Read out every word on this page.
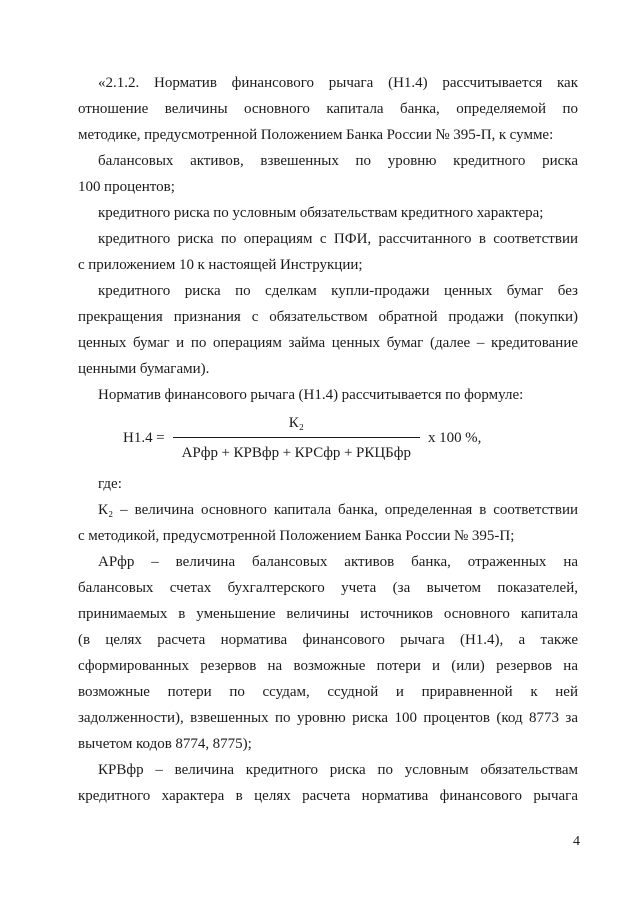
«2.1.2. Норматив финансового рычага (Н1.4) рассчитывается как
отношение величины основного капитала банка, определяемой по
методике, предусмотренной Положением Банка России № 395-П, к сумме:
балансовых активов, взвешенных по уровню кредитного риска
100 процентов;
кредитного риска по условным обязательствам кредитного характера;
кредитного риска по операциям с ПФИ, рассчитанного в соответствии
с приложением 10 к настоящей Инструкции;
кредитного риска по сделкам купли-продажи ценных бумаг без
прекращения признания с обязательством обратной продажи (покупки)
ценных бумаг и по операциям займа ценных бумаг (далее – кредитование
ценными бумагами).
Норматив финансового рычага (Н1.4) рассчитывается по формуле:
$Н1.4 = \frac{\text{К₂}}{\text{АРфр + КРВфр + КРСфр + РКЦБфр}}$ х 100 %,
где:
К₂ – величина основного капитала банка, определенная в соответствии
с методикой, предусмотренной Положением Банка России № 395-П;
АРфр – величина балансовых активов банка, отраженных на
балансовых счетах бухгалтерского учета (за вычетом показателей,
принимаемых в уменьшение величины источников основного капитала
(в целях расчета норматива финансового рычага (Н1.4), а также
сформированных резервов на возможные потери и (или) резервов на
возможные потери по ссудам, ссудной и приравненной к ней
задолженности), взвешенных по уровню риска 100 процентов (код 8773 за
вычетом кодов 8774, 8775);
КРВфр – величина кредитного риска по условным обязательствам
кредитного характера в целях расчета норматива финансового рычага
4
